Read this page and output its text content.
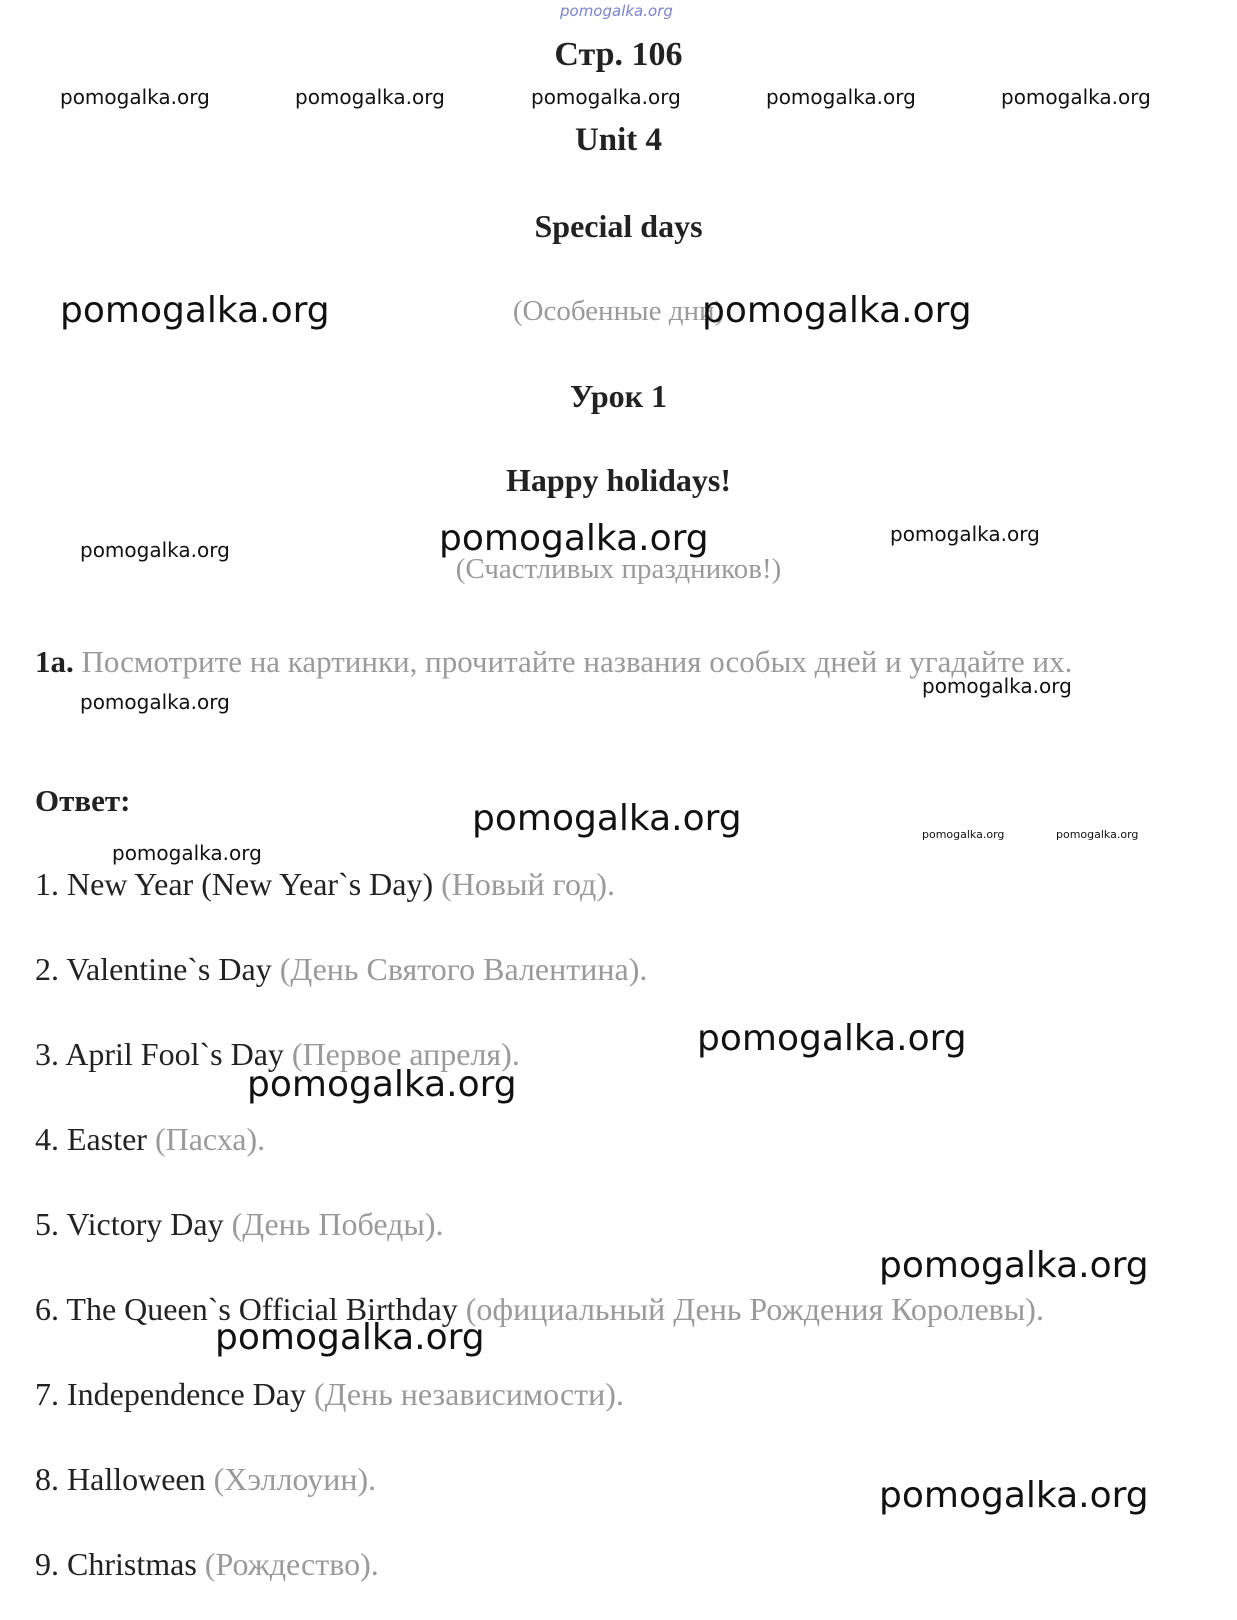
pomogalka.org
pomogalka.org	pomogalka.org	pomogalka.org	pomogalka.org	pomogalka.org
Стр. 106
Unit 4
Special days
(Особенные дни)
Урок 1
Happy holidays!
(Счастливых праздников!)
pomogalka.org	pomogalka.org
pomogalka.org	pomogalka.org	pomogalka.org
1a. Посмотрите на картинки, прочитайте названия особых дней и угадайте их.
pomogalka.org
pomogalka.org
Ответ:	pomogalka.org	pomogalka.org	pomogalka.org
pomogalka.org
1. New Year (New Year`s Day) (Новый год).
2. Valentine`s Day (День Святого Валентина).
3. April Fool`s Day (Первое апреля).
4. Easter (Пасха).
5. Victory Day (День Победы).
6. The Queen`s Official Birthday (официальный День Рождения Королевы).
7. Independence Day (День независимости).
8. Halloween (Хэллоуин).
9. Christmas (Рождество).
pomogalka.org
pomogalka.org
pomogalka.org
pomogalka.org
pomogalka.org
